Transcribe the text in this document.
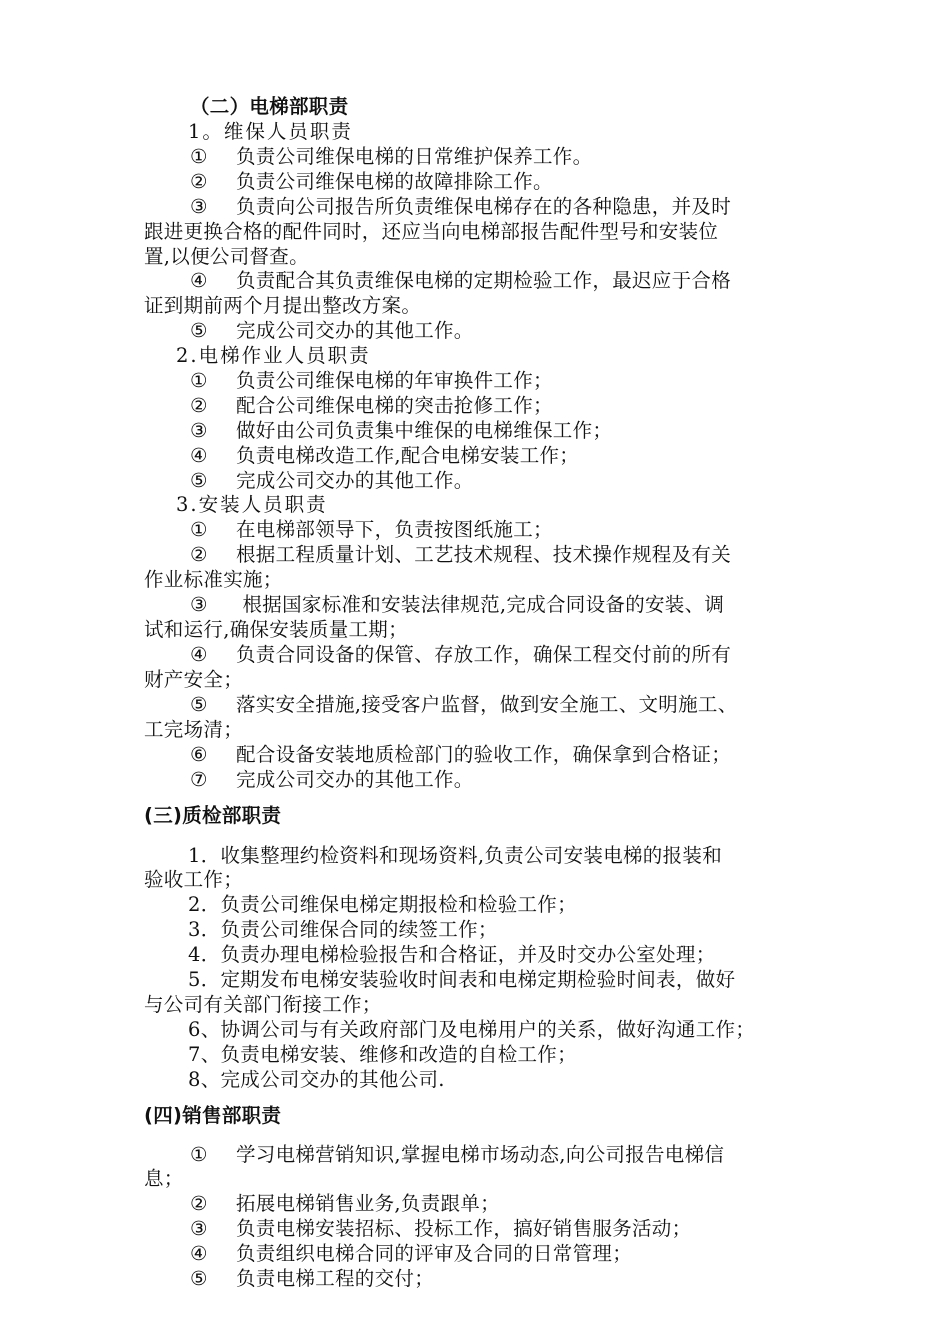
（二）电梯部职责
1。维保人员职责
① 负责公司维保电梯的日常维护保养工作。
② 负责公司维保电梯的故障排除工作。
③ 负责向公司报告所负责维保电梯存在的各种隐患，并及时
跟进更换合格的配件同时，还应当向电梯部报告配件型号和安装位
置,以便公司督查。
④ 负责配合其负责维保电梯的定期检验工作，最迟应于合格
证到期前两个月提出整改方案。
⑤ 完成公司交办的其他工作。
2.电梯作业人员职责
① 负责公司维保电梯的年审换件工作；
② 配合公司维保电梯的突击抢修工作；
③ 做好由公司负责集中维保的电梯维保工作；
④ 负责电梯改造工作,配合电梯安装工作；
⑤ 完成公司交办的其他工作。
3.安装人员职责
① 在电梯部领导下，负责按图纸施工；
② 根据工程质量计划、工艺技术规程、技术操作规程及有关
作业标准实施；
③ 根据国家标准和安装法律规范,完成合同设备的安装、调
试和运行,确保安装质量工期；
④ 负责合同设备的保管、存放工作，确保工程交付前的所有
财产安全；
⑤ 落实安全措施,接受客户监督，做到安全施工、文明施工、
工完场清；
⑥ 配合设备安装地质检部门的验收工作，确保拿到合格证；
⑦ 完成公司交办的其他工作。
(三)质检部职责
1．收集整理约检资料和现场资料,负责公司安装电梯的报装和
验收工作；
2．负责公司维保电梯定期报检和检验工作；
3．负责公司维保合同的续签工作；
4．负责办理电梯检验报告和合格证，并及时交办公室处理；
5．定期发布电梯安装验收时间表和电梯定期检验时间表，做好
与公司有关部门衔接工作；
6、协调公司与有关政府部门及电梯用户的关系，做好沟通工作；
7、负责电梯安装、维修和改造的自检工作；
8、完成公司交办的其他公司.
(四)销售部职责
① 学习电梯营销知识,掌握电梯市场动态,向公司报告电梯信
息；
② 拓展电梯销售业务,负责跟单；
③ 负责电梯安装招标、投标工作，搞好销售服务活动；
④ 负责组织电梯合同的评审及合同的日常管理；
⑤ 负责电梯工程的交付；
